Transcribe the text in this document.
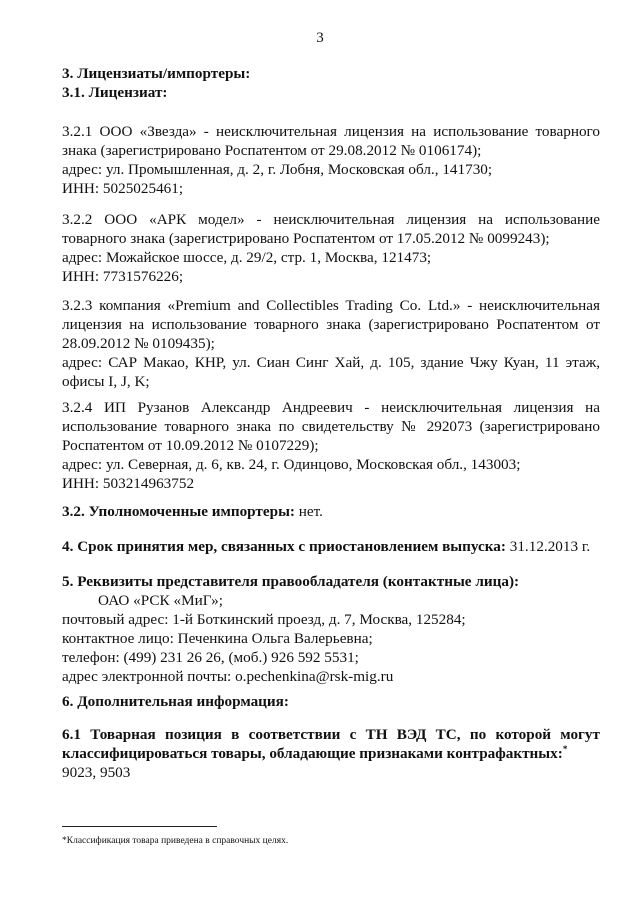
3
3. Лицензиаты/импортеры:
3.1. Лицензиат:
3.2.1 ООО «Звезда» - неисключительная лицензия на использование товарного знака (зарегистрировано Роспатентом от 29.08.2012 № 0106174);
адрес: ул. Промышленная, д. 2, г. Лобня, Московская обл., 141730;
ИНН: 5025025461;
3.2.2 ООО «АРК модел» - неисключительная лицензия на использование товарного знака (зарегистрировано Роспатентом от 17.05.2012 № 0099243);
адрес: Можайское шоссе, д. 29/2, стр. 1, Москва, 121473;
ИНН: 7731576226;
3.2.3 компания «Premium and Collectibles Trading Co. Ltd.» - неисключительная лицензия на использование товарного знака (зарегистрировано Роспатентом от 28.09.2012 № 0109435);
адрес: САР Макао, КНР, ул. Сиан Синг Хай, д. 105, здание Чжу Куан, 11 этаж, офисы I, J, K;
3.2.4 ИП Рузанов Александр Андреевич - неисключительная лицензия на использование товарного знака по свидетельству № 292073 (зарегистрировано Роспатентом от 10.09.2012 № 0107229);
адрес: ул. Северная, д. 6, кв. 24, г. Одинцово, Московская обл., 143003;
ИНН: 503214963752
3.2. Уполномоченные импортеры: нет.
4. Срок принятия мер, связанных с приостановлением выпуска: 31.12.2013 г.
5. Реквизиты представителя правообладателя (контактные лица):
ОАО «РСК «МиГ»;
почтовый адрес: 1-й Боткинский проезд, д. 7, Москва, 125284;
контактное лицо: Печенкина Ольга Валерьевна;
телефон: (499) 231 26 26, (моб.) 926 592 5531;
адрес электронной почты: o.pechenkina@rsk-mig.ru
6. Дополнительная информация:
6.1 Товарная позиция в соответствии с ТН ВЭД ТС, по которой могут классифицироваться товары, обладающие признаками контрафактных:*
9023, 9503
*Классификация товара приведена в справочных целях.
